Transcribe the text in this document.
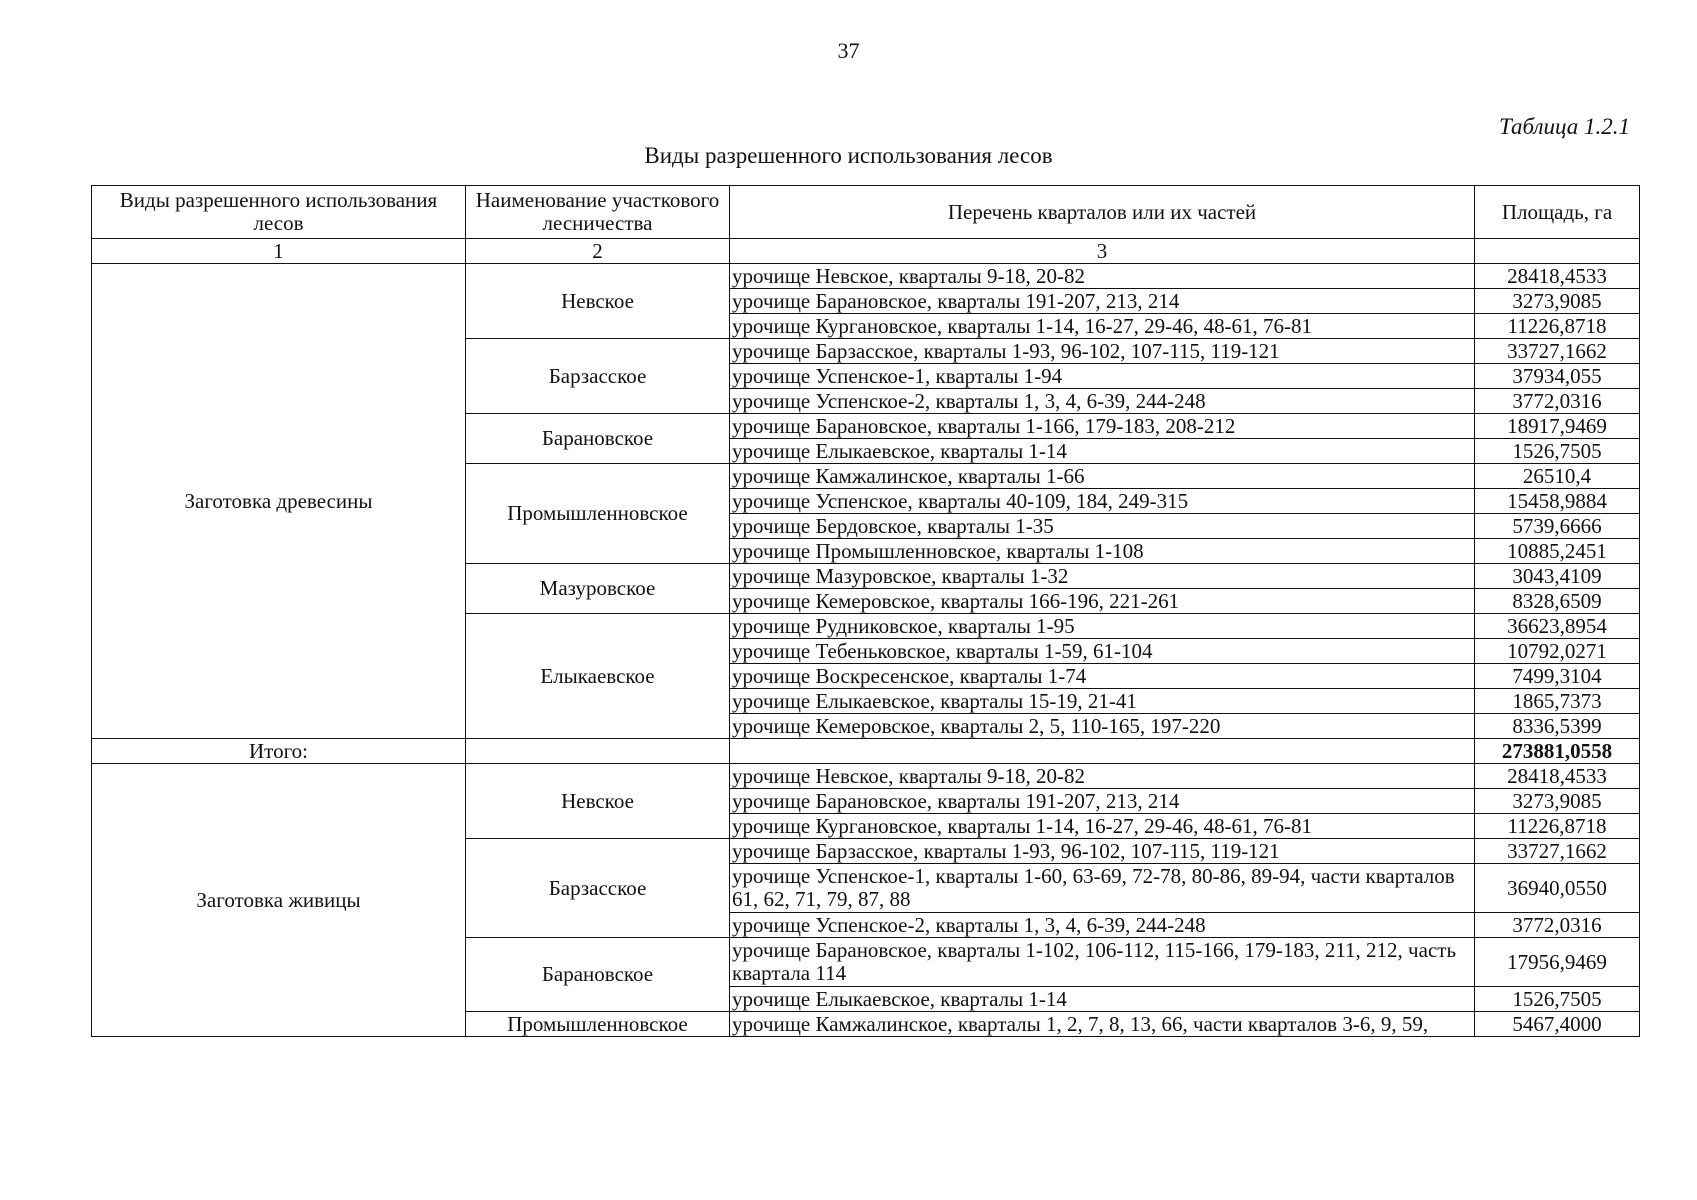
37
Таблица 1.2.1
Виды разрешенного использования лесов
Виды разрешенного использования лесов	Наименование участкового лесничества	Перечень кварталов или их частей	Площадь, га
1	2	3	
Заготовка древесины	Невское	урочище Невское, кварталы 9-18, 20-82	28418,4533
		урочище Барановское, кварталы 191-207, 213, 214	3273,9085
		урочище Кургановское, кварталы 1-14, 16-27, 29-46, 48-61, 76-81	11226,8718
	Барзасское	урочище Барзасское, кварталы 1-93, 96-102, 107-115, 119-121	33727,1662
		урочище Успенское-1, кварталы 1-94	37934,055
		урочище Успенское-2, кварталы 1, 3, 4, 6-39, 244-248	3772,0316
	Барановское	урочище Барановское, кварталы 1-166, 179-183, 208-212	18917,9469
		урочище Елыкаевское, кварталы 1-14	1526,7505
	Промышленновское	урочище Камжалинское, кварталы 1-66	26510,4
		урочище Успенское, кварталы 40-109, 184, 249-315	15458,9884
		урочище Бердовское, кварталы 1-35	5739,6666
		урочище Промышленновское, кварталы 1-108	10885,2451
	Мазуровское	урочище Мазуровское, кварталы 1-32	3043,4109
		урочище Кемеровское, кварталы 166-196, 221-261	8328,6509
	Елыкаевское	урочище Рудниковское, кварталы 1-95	36623,8954
		урочище Тебеньковское, кварталы 1-59, 61-104	10792,0271
		урочище Воскресенское, кварталы 1-74	7499,3104
		урочище Елыкаевское, кварталы 15-19, 21-41	1865,7373
		урочище Кемеровское, кварталы 2, 5, 110-165, 197-220	8336,5399
Итого:			273881,0558
Заготовка живицы	Невское	урочище Невское, кварталы 9-18, 20-82	28418,4533
		урочище Барановское, кварталы 191-207, 213, 214	3273,9085
		урочище Кургановское, кварталы 1-14, 16-27, 29-46, 48-61, 76-81	11226,8718
	Барзасское	урочище Барзасское, кварталы 1-93, 96-102, 107-115, 119-121	33727,1662
		урочище Успенское-1, кварталы 1-60, 63-69, 72-78, 80-86, 89-94, части кварталов 61, 62, 71, 79, 87, 88	36940,0550
		урочище Успенское-2, кварталы 1, 3, 4, 6-39, 244-248	3772,0316
	Барановское	урочище Барановское, кварталы 1-102, 106-112, 115-166, 179-183, 211, 212, часть квартала 114	17956,9469
		урочище Елыкаевское, кварталы 1-14	1526,7505
	Промышленновское	урочище Камжалинское, кварталы 1, 2, 7, 8, 13, 66, части кварталов 3-6, 9, 59,	5467,4000
